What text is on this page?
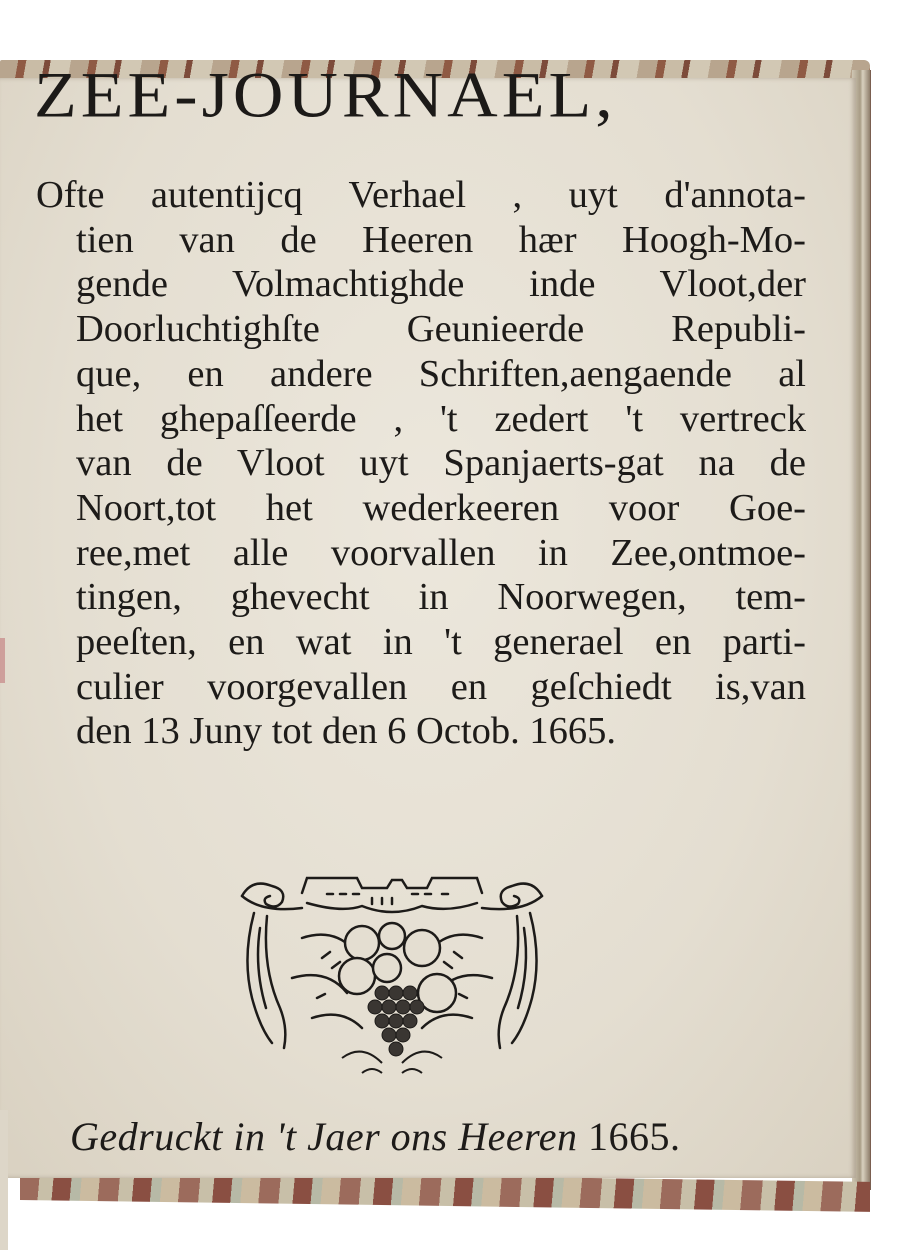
ZEE-JOURNAEL,
Ofte autentijcq Verhael , uyt d'annota-
tien van de Heeren hær Hoogh-Mo-
gende Volmachtighde inde Vloot,der
Doorluchtighſte Geunieerde Republi-
que, en andere Schriften,aengaende al
het ghepaſſeerde , 't zedert 't vertreck
van de Vloot uyt Spanjaerts-gat na de
Noort,tot het wederkeeren voor Goe-
ree,met alle voorvallen in Zee,ontmoe-
tingen, ghevecht in Noorwegen, tem-
peeſten, en wat in 't generael en parti-
culier voorgevallen en geſchiedt is,van
den 13 Juny tot den 6 Octob. 1665.
Gedruckt in 't Jaer ons Heeren 1665.
